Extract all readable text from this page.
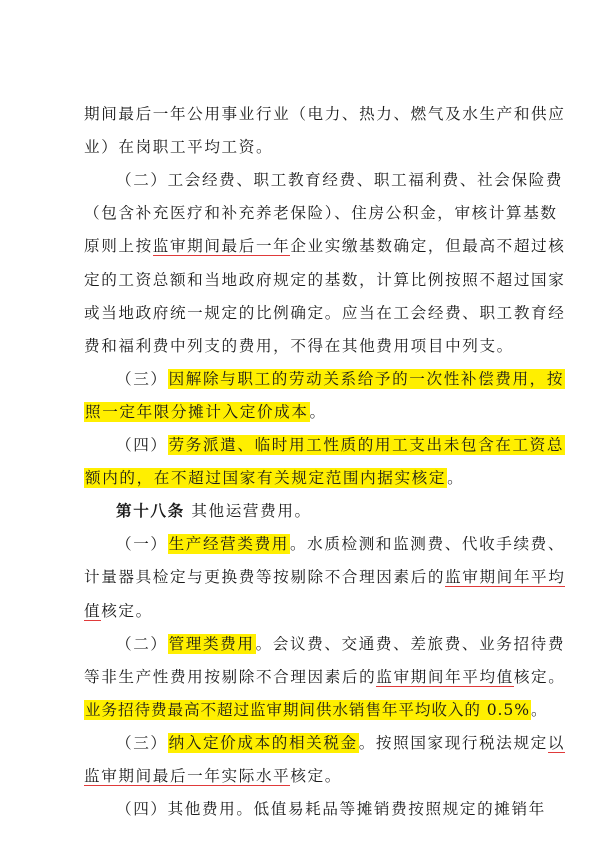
期间最后一年公用事业行业（电力、热力、燃气及水生产和供应
业）在岗职工平均工资。
（二）工会经费、职工教育经费、职工福利费、社会保险费
（包含补充医疗和补充养老保险）、住房公积金，审核计算基数
原则上按监审期间最后一年企业实缴基数确定，但最高不超过核
定的工资总额和当地政府规定的基数，计算比例按照不超过国家
或当地政府统一规定的比例确定。应当在工会经费、职工教育经
费和福利费中列支的费用，不得在其他费用项目中列支。
（三）因解除与职工的劳动关系给予的一次性补偿费用，按
照一定年限分摊计入定价成本。
（四）劳务派遣、临时用工性质的用工支出未包含在工资总
额内的，在不超过国家有关规定范围内据实核定。
第十八条 其他运营费用。
（一）生产经营类费用。水质检测和监测费、代收手续费、
计量器具检定与更换费等按剔除不合理因素后的监审期间年平均
值核定。
（二）管理类费用。会议费、交通费、差旅费、业务招待费
等非生产性费用按剔除不合理因素后的监审期间年平均值核定。
业务招待费最高不超过监审期间供水销售年平均收入的 0.5%。
（三）纳入定价成本的相关税金。按照国家现行税法规定以
监审期间最后一年实际水平核定。
（四）其他费用。低值易耗品等摊销费按照规定的摊销年
